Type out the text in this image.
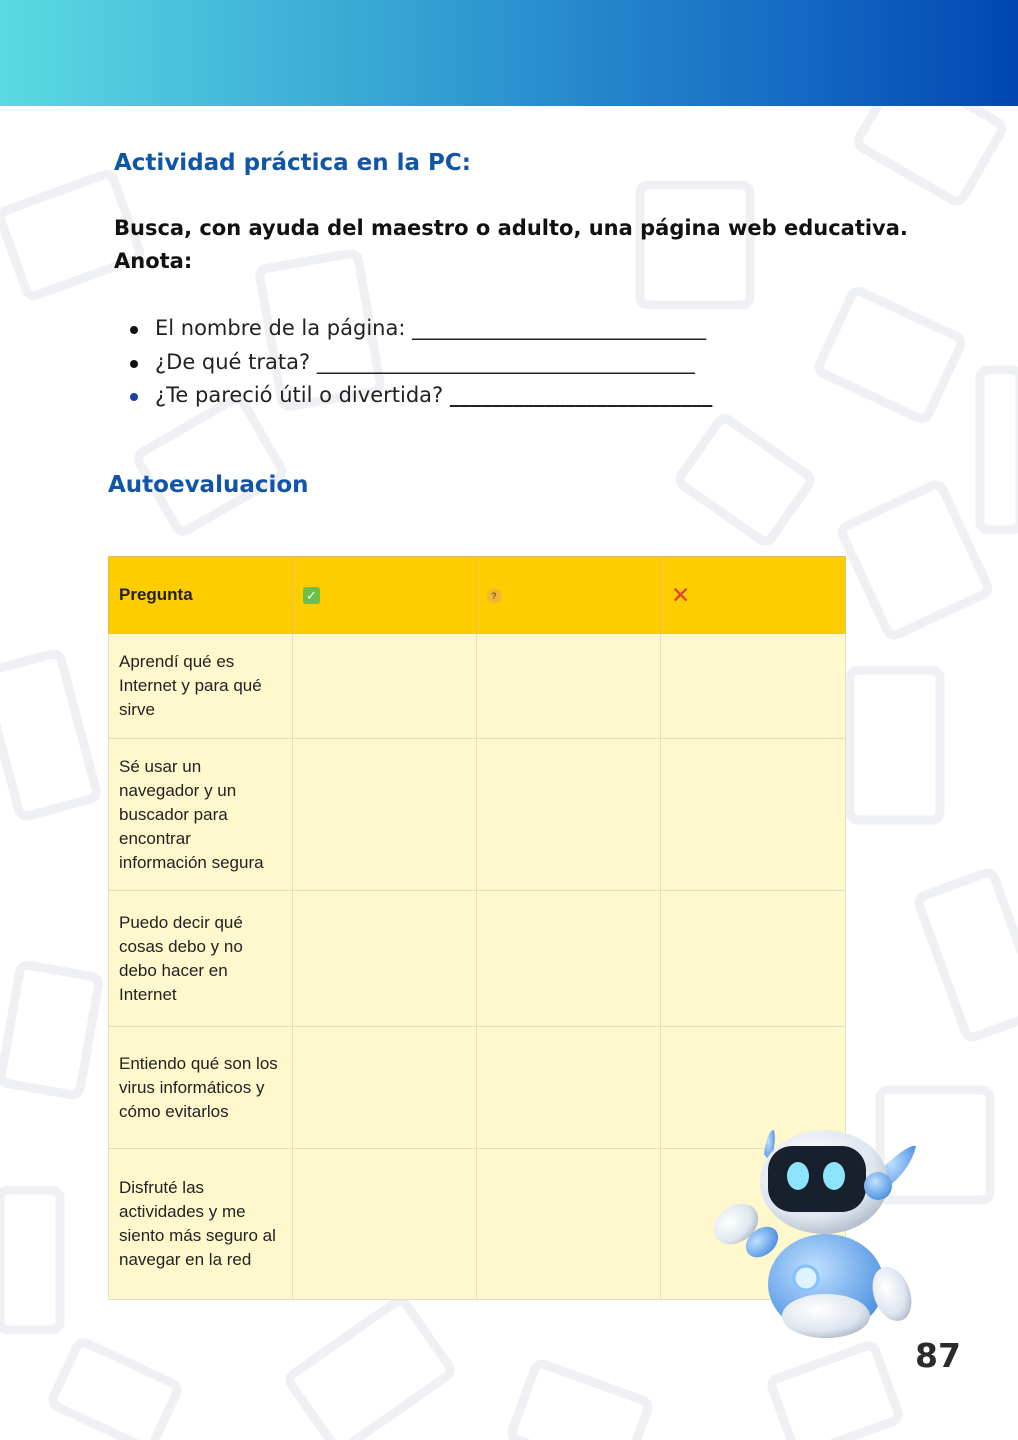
Actividad práctica en la PC:

Busca, con ayuda del maestro o adulto, una página web educativa. Anota:

El nombre de la página: ____________________________
¿De qué trata? ____________________________________
¿Te pareció útil o divertida? _________________________
Autoevaluacion
Pregunta	✓	?	✕
Aprendí qué es Internet y para qué sirve			
Sé usar un navegador y un buscador para encontrar información segura			
Puedo decir qué cosas debo y no debo hacer en Internet			
Entiendo qué son los virus informáticos y cómo evitarlos			
Disfruté las actividades y me siento más seguro al navegar en la red			

87
